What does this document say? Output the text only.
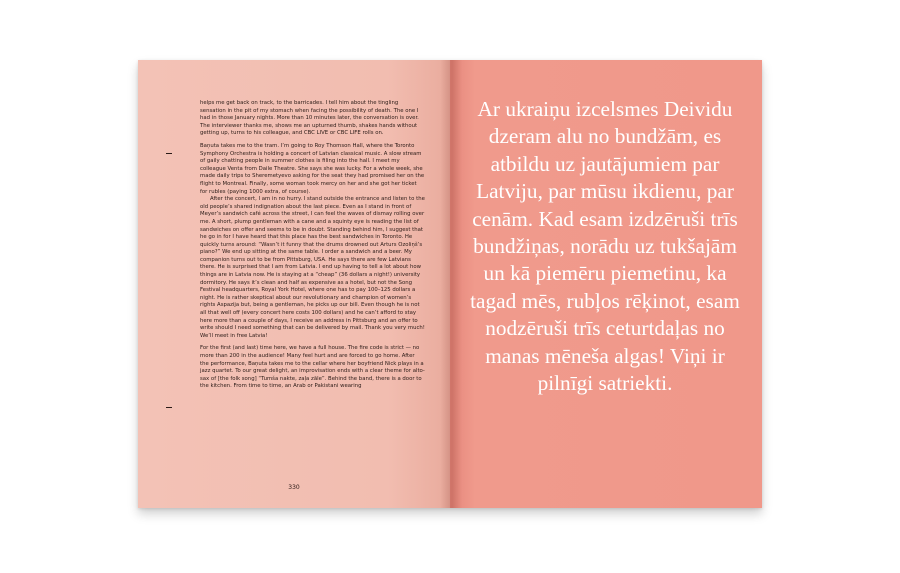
helps me get back on track, to the barricades. I tell him about the tingling sensation in the pit of my stomach when facing the possibility of death. The one I had in those January nights. More than 10 minutes later, the conversation is over. The interviewer thanks me, shows me an upturned thumb, shakes hands without getting up, turns to his colleague, and CBC LIVE or CBC LIFE rolls on.

Baņuta takes me to the tram. I’m going to Roy Thomson Hall, where the Toronto Symphony Orchestra is holding a concert of Latvian classical music. A slow stream of gaily chatting people in summer clothes is filing into the hall. I meet my colleague Venta from Daile Theatre. She says she was lucky. For a whole week, she made daily trips to Sheremetyevo asking for the seat they had promised her on the flight to Montreal. Finally, some woman took mercy on her and she got her ticket for rubles (paying 1000 extra, of course).

After the concert, I am in no hurry. I stand outside the entrance and listen to the old people’s shared indignation about the last piece. Even as I stand in front of Meyer’s sandwich café across the street, I can feel the waves of dismay rolling over me. A short, plump gentleman with a cane and a squinty eye is reading the list of sandwiches on offer and seems to be in doubt. Standing behind him, I suggest that he go in for I have heard that this place has the best sandwiches in Toronto. He quickly turns around: “Wasn’t it funny that the drums drowned out Arturs Ozoliņš’s piano?” We end up sitting at the same table. I order a sandwich and a beer. My companion turns out to be from Pittsburg, USA. He says there are few Latvians there. He is surprised that I am from Latvia. I end up having to tell a lot about how things are in Latvia now. He is staying at a “cheap” (36 dollars a night!) university dormitory. He says it’s clean and half as expensive as a hotel, but not the Song Festival headquarters, Royal York Hotel, where one has to pay 100–125 dollars a night. He is rather skeptical about our revolutionary and champion of women’s rights Aspazija but, being a gentleman, he picks up our bill. Even though he is not all that well off (every concert here costs 100 dollars) and he can’t afford to stay here more than a couple of days, I receive an address in Pittsburg and an offer to write should I need something that can be delivered by mail. Thank you very much! We’ll meet in free Latvia!

For the first (and last) time here, we have a full house. The fire code is strict — no more than 200 in the audience! Many feel hurt and are forced to go home. After the performance, Baņuta takes me to the cellar where her boyfriend Nick plays in a jazz quartet. To our great delight, an improvisation ends with a clear theme for alto-sax of [the folk song] “Tumša nakte, zaļa zāle”. Behind the band, there is a door to the kitchen. From time to time, an Arab or Pakistani wearing

330

Ar ukraiņu izcelsmes Deividu dzeram alu no bundžām, es atbildu uz jautājumiem par Latviju, par mūsu ikdienu, par cenām. Kad esam izdzēruši trīs bundžiņas, norādu uz tukšajām un kā piemēru piemetinu, ka tagad mēs, rubļos rēķinot, esam nodzēruši trīs ceturtdaļas no manas mēneša algas! Viņi ir pilnīgi satriekti.
